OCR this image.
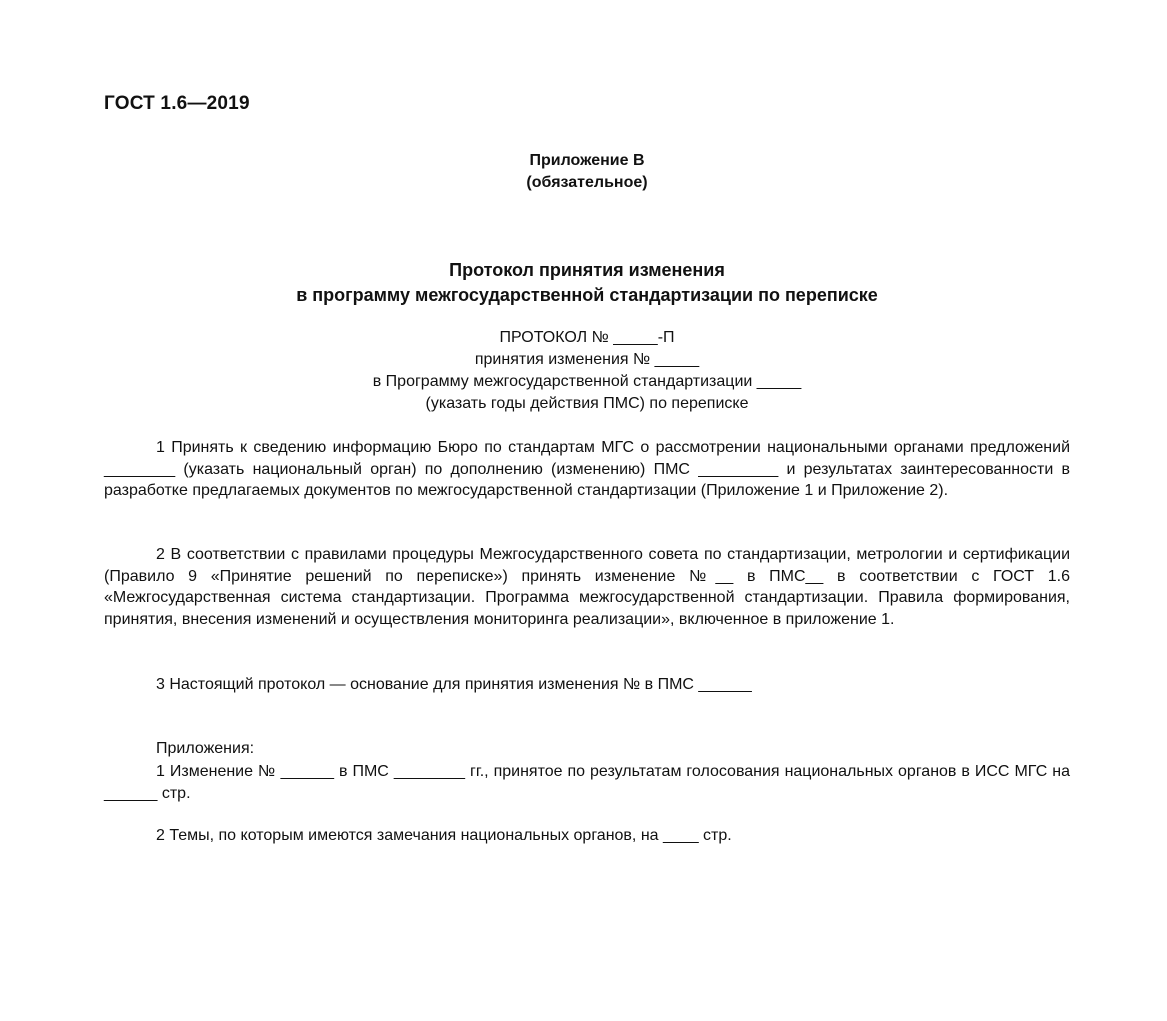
ГОСТ 1.6—2019
Приложение В
(обязательное)
Протокол принятия изменения
в программу межгосударственной стандартизации по переписке
ПРОТОКОЛ № _____-П
принятия изменения № _____
в Программу межгосударственной стандартизации _____
(указать годы действия ПМС) по переписке
1 Принять к сведению информацию Бюро по стандартам МГС о рассмотрении национальными органами предложений ________ (указать национальный орган) по дополнению (изменению) ПМС _________ и результатах заинтересованности в разработке предлагаемых документов по межгосударственной стандартизации (Приложение 1 и Приложение 2).
2 В соответствии с правилами процедуры Межгосударственного совета по стандартизации, метрологии и сертификации (Правило 9 «Принятие решений по переписке») принять изменение №__ в ПМС__ в соответствии с ГОСТ 1.6 «Межгосударственная система стандартизации. Программа межгосударственной стандартизации. Правила формирования, принятия, внесения изменений и осуществления мониторинга реализации», включенное в приложение 1.
3 Настоящий протокол — основание для принятия изменения № в ПМС ______
Приложения:
1 Изменение № ______ в ПМС ________ гг., принятое по результатам голосования национальных органов в ИСС МГС на ______ стр.
2 Темы, по которым имеются замечания национальных органов, на ____ стр.
